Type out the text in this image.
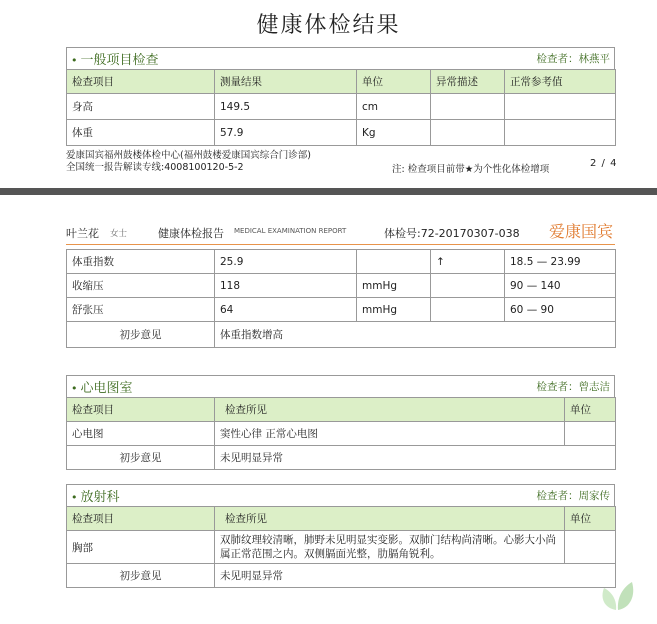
健康体检结果
• 一般项目检查	检查者：林燕平
检查项目	测量结果	单位	异常描述	正常参考值
身高	149.5	cm		
体重	57.9	Kg		
爱康国宾福州鼓楼体检中心(福州鼓楼爱康国宾综合门诊部)
全国统一报告解读专线:4008100120-5-2	注: 检查项目前带★为个性化体检增项
2 / 4
叶兰花 女士	健康体检报告 MEDICAL EXAMINATION REPORT	体检号:72-20170307-038 爱康国宾
体重指数	25.9		↑	18.5 — 23.99
收缩压	118	mmHg		90 — 140
舒张压	64	mmHg		60 — 90
初步意见	体重指数增高			
• 心电图室	检查者：曾志洁
检查项目	检查所见	单位
心电图	窦性心律 正常心电图	
初步意见	未见明显异常	
• 放射科	检查者：周家传
检查项目	检查所见	单位
胸部	双肺纹理较清晰，肺野未见明显实变影。双肺门结构尚清晰。心影大小尚属正常范围之内。双侧膈面光整，肋膈角锐利。	
初步意见	未见明显异常	
